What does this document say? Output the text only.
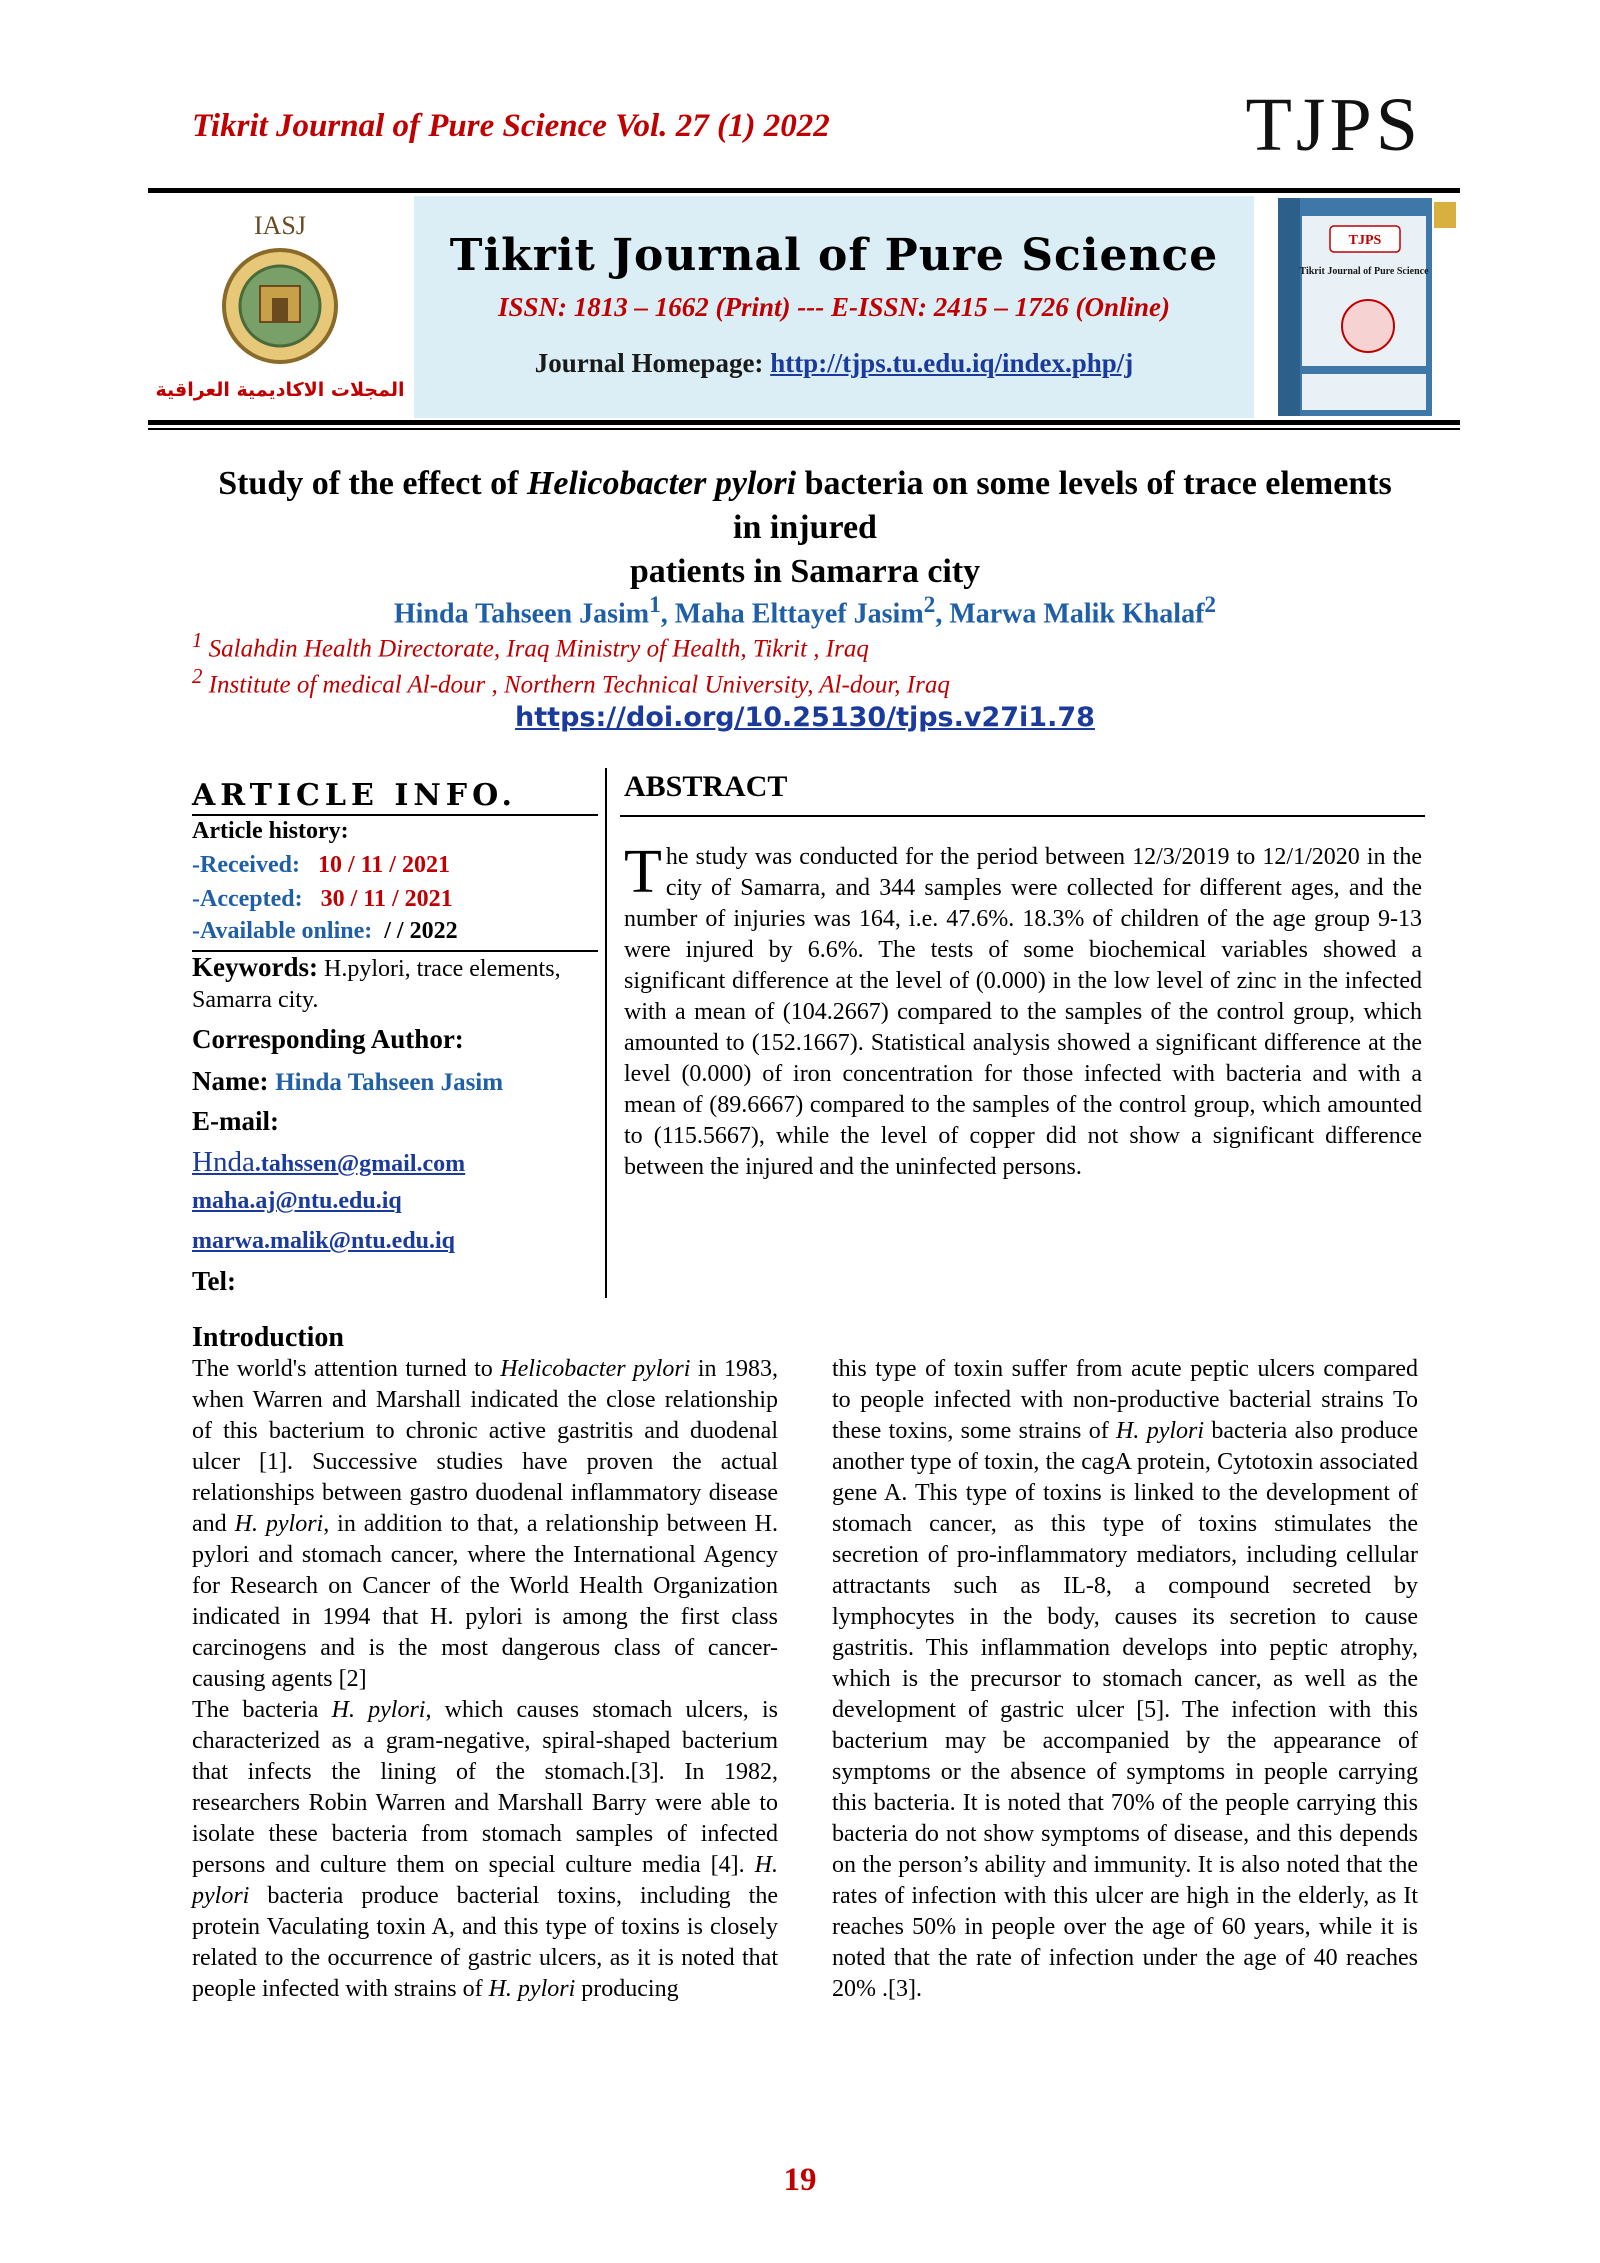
Tikrit Journal of Pure Science Vol. 27 (1) 2022	TJPS
IASJ
المجلات الاكاديمية العراقية
Tikrit Journal of Pure Science
ISSN: 1813 – 1662 (Print) --- E-ISSN: 2415 – 1726 (Online)
Journal Homepage: http://tjps.tu.edu.iq/index.php/j
TJPS
Tikrit Journal of Pure Science
Study of the effect of Helicobacter pylori bacteria on some levels of trace elements in injured
patients in Samarra city
Hinda Tahseen Jasim$^1$, Maha Elttayef Jasim$^2$, Marwa Malik Khalaf$^2$
$^1$ Salahdin Health Directorate, Iraq Ministry of Health, Tikrit , Iraq
$^2$ Institute of medical Al-dour , Northern Technical University, Al-dour, Iraq
https://doi.org/10.25130/tjps.v27i1.78
ARTICLE INFO.
Article history:
-Received: 10 / 11 / 2021
-Accepted: 30 / 11 / 2021
-Available online: / / 2022
Keywords: H.pylori, trace elements, Samarra city.
Corresponding Author:
Name: Hinda Tahseen Jasim
E-mail:
Hnda.tahssen@gmail.com
maha.aj@ntu.edu.iq
marwa.malik@ntu.edu.iq
Tel:
ABSTRACT
The study was conducted for the period between 12/3/2019 to 12/1/2020 in the city of Samarra, and 344 samples were collected for different ages, and the number of injuries was 164, i.e. 47.6%. 18.3% of children of the age group 9-13 were injured by 6.6%. The tests of some biochemical variables showed a significant difference at the level of (0.000) in the low level of zinc in the infected with a mean of (104.2667) compared to the samples of the control group, which amounted to (152.1667). Statistical analysis showed a significant difference at the level (0.000) of iron concentration for those infected with bacteria and with a mean of (89.6667) compared to the samples of the control group, which amounted to (115.5667), while the level of copper did not show a significant difference between the injured and the uninfected persons.
Introduction

The world's attention turned to Helicobacter pylori in 1983, when Warren and Marshall indicated the close relationship of this bacterium to chronic active gastritis and duodenal ulcer [1]. Successive studies have proven the actual relationships between gastro duodenal inflammatory disease and H. pylori, in addition to that, a relationship between H. pylori and stomach cancer, where the International Agency for Research on Cancer of the World Health Organization indicated in 1994 that H. pylori is among the first class carcinogens and is the most dangerous class of cancer-causing agents [2]

The bacteria H. pylori, which causes stomach ulcers, is characterized as a gram-negative, spiral-shaped bacterium that infects the lining of the stomach.[3]. In 1982, researchers Robin Warren and Marshall Barry were able to isolate these bacteria from stomach samples of infected persons and culture them on special culture media [4]. H. pylori bacteria produce bacterial toxins, including the protein Vaculating toxin A, and this type of toxins is closely related to the occurrence of gastric ulcers, as it is noted that people infected with strains of H. pylori producing

this type of toxin suffer from acute peptic ulcers compared to people infected with non-productive bacterial strains To these toxins, some strains of H. pylori bacteria also produce another type of toxin, the cagA protein, Cytotoxin associated gene A. This type of toxins is linked to the development of stomach cancer, as this type of toxins stimulates the secretion of pro-inflammatory mediators, including cellular attractants such as IL-8, a compound secreted by lymphocytes in the body, causes its secretion to cause gastritis. This inflammation develops into peptic atrophy, which is the precursor to stomach cancer, as well as the development of gastric ulcer [5]. The infection with this bacterium may be accompanied by the appearance of symptoms or the absence of symptoms in people carrying this bacteria. It is noted that 70% of the people carrying this bacteria do not show symptoms of disease, and this depends on the person’s ability and immunity. It is also noted that the rates of infection with this ulcer are high in the elderly, as It reaches 50% in people over the age of 60 years, while it is noted that the rate of infection under the age of 40 reaches 20% .[3].

19
